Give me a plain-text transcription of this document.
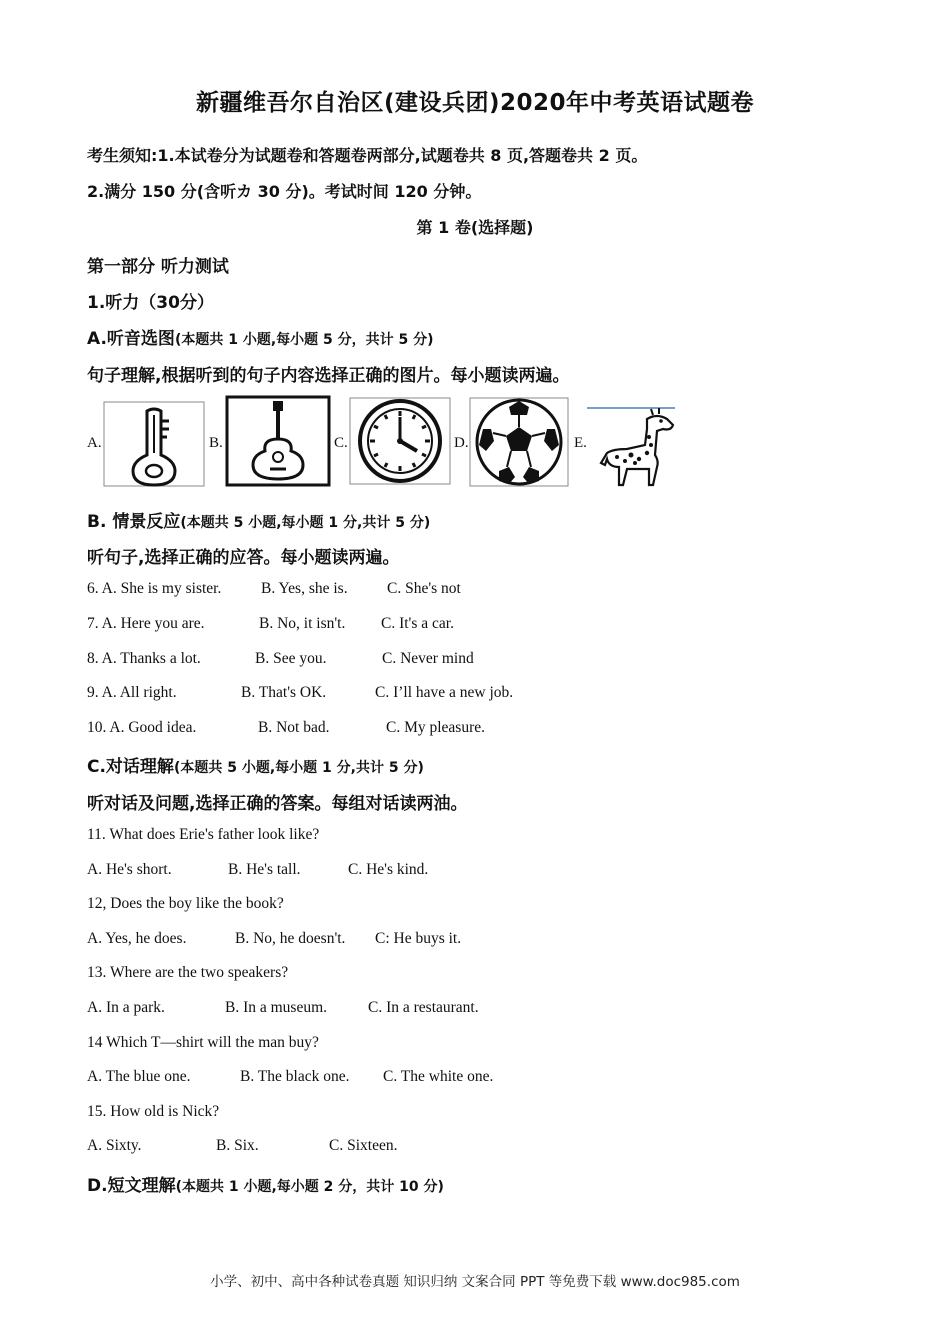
新疆维吾尔自治区(建设兵团)2020年中考英语试题卷
考生须知:1.本试卷分为试题卷和答题卷两部分,试题卷共 8 页,答题卷共 2 页。
2.满分 150 分(含听カ 30 分)。考试时间 120 分钟。
第 1 卷(选择题)
第一部分 听力测试
1.听力（30分）
A.听音选图(本题共 1 小题,每小题 5 分，共计 5 分)
句子理解,根据听到的句子内容选择正确的图片。每小题读两遍。
A.	B.	C.	D.	E.
B. 情景反应(本题共 5 小题,每小题 1 分,共计 5 分)
听句子,选择正确的应答。每小题读两遍。
6. A. She is my sister.	B. Yes, she is.	C. She's not
7. A. Here you are.	B. No, it isn't. C. It's a car.
8. A. Thanks a lot.	B. See you.	C. Never mind
9. A. All right.	B. That's OK.	C. I’ll have a new job.
10. A. Good idea.	B. Not bad.	C. My pleasure.
C.对话理解(本题共 5 小题,每小题 1 分,共计 5 分)
听对话及问题,选择正确的答案。每组对话读两油。
11. What does Erie's father look like?
A. He's short.	B. He's tall.	C. He's kind.
12, Does the boy like the book?
A. Yes, he does.	B. No, he doesn't. C: He buys it.
13. Where are the two speakers?
A. In a park.	B. In a museum.	C. In a restaurant.
14 Which T—shirt will the man buy?
A. The blue one.	B. The black one. C. The white one.
15. How old is Nick?
A. Sixty.	B. Six.	C. Sixteen.
D.短文理解(本题共 1 小题,每小题 2 分，共计 10 分)
小学、初中、高中各种试卷真题 知识归纳 文案合同 PPT 等免费下载 www.doc985.com
